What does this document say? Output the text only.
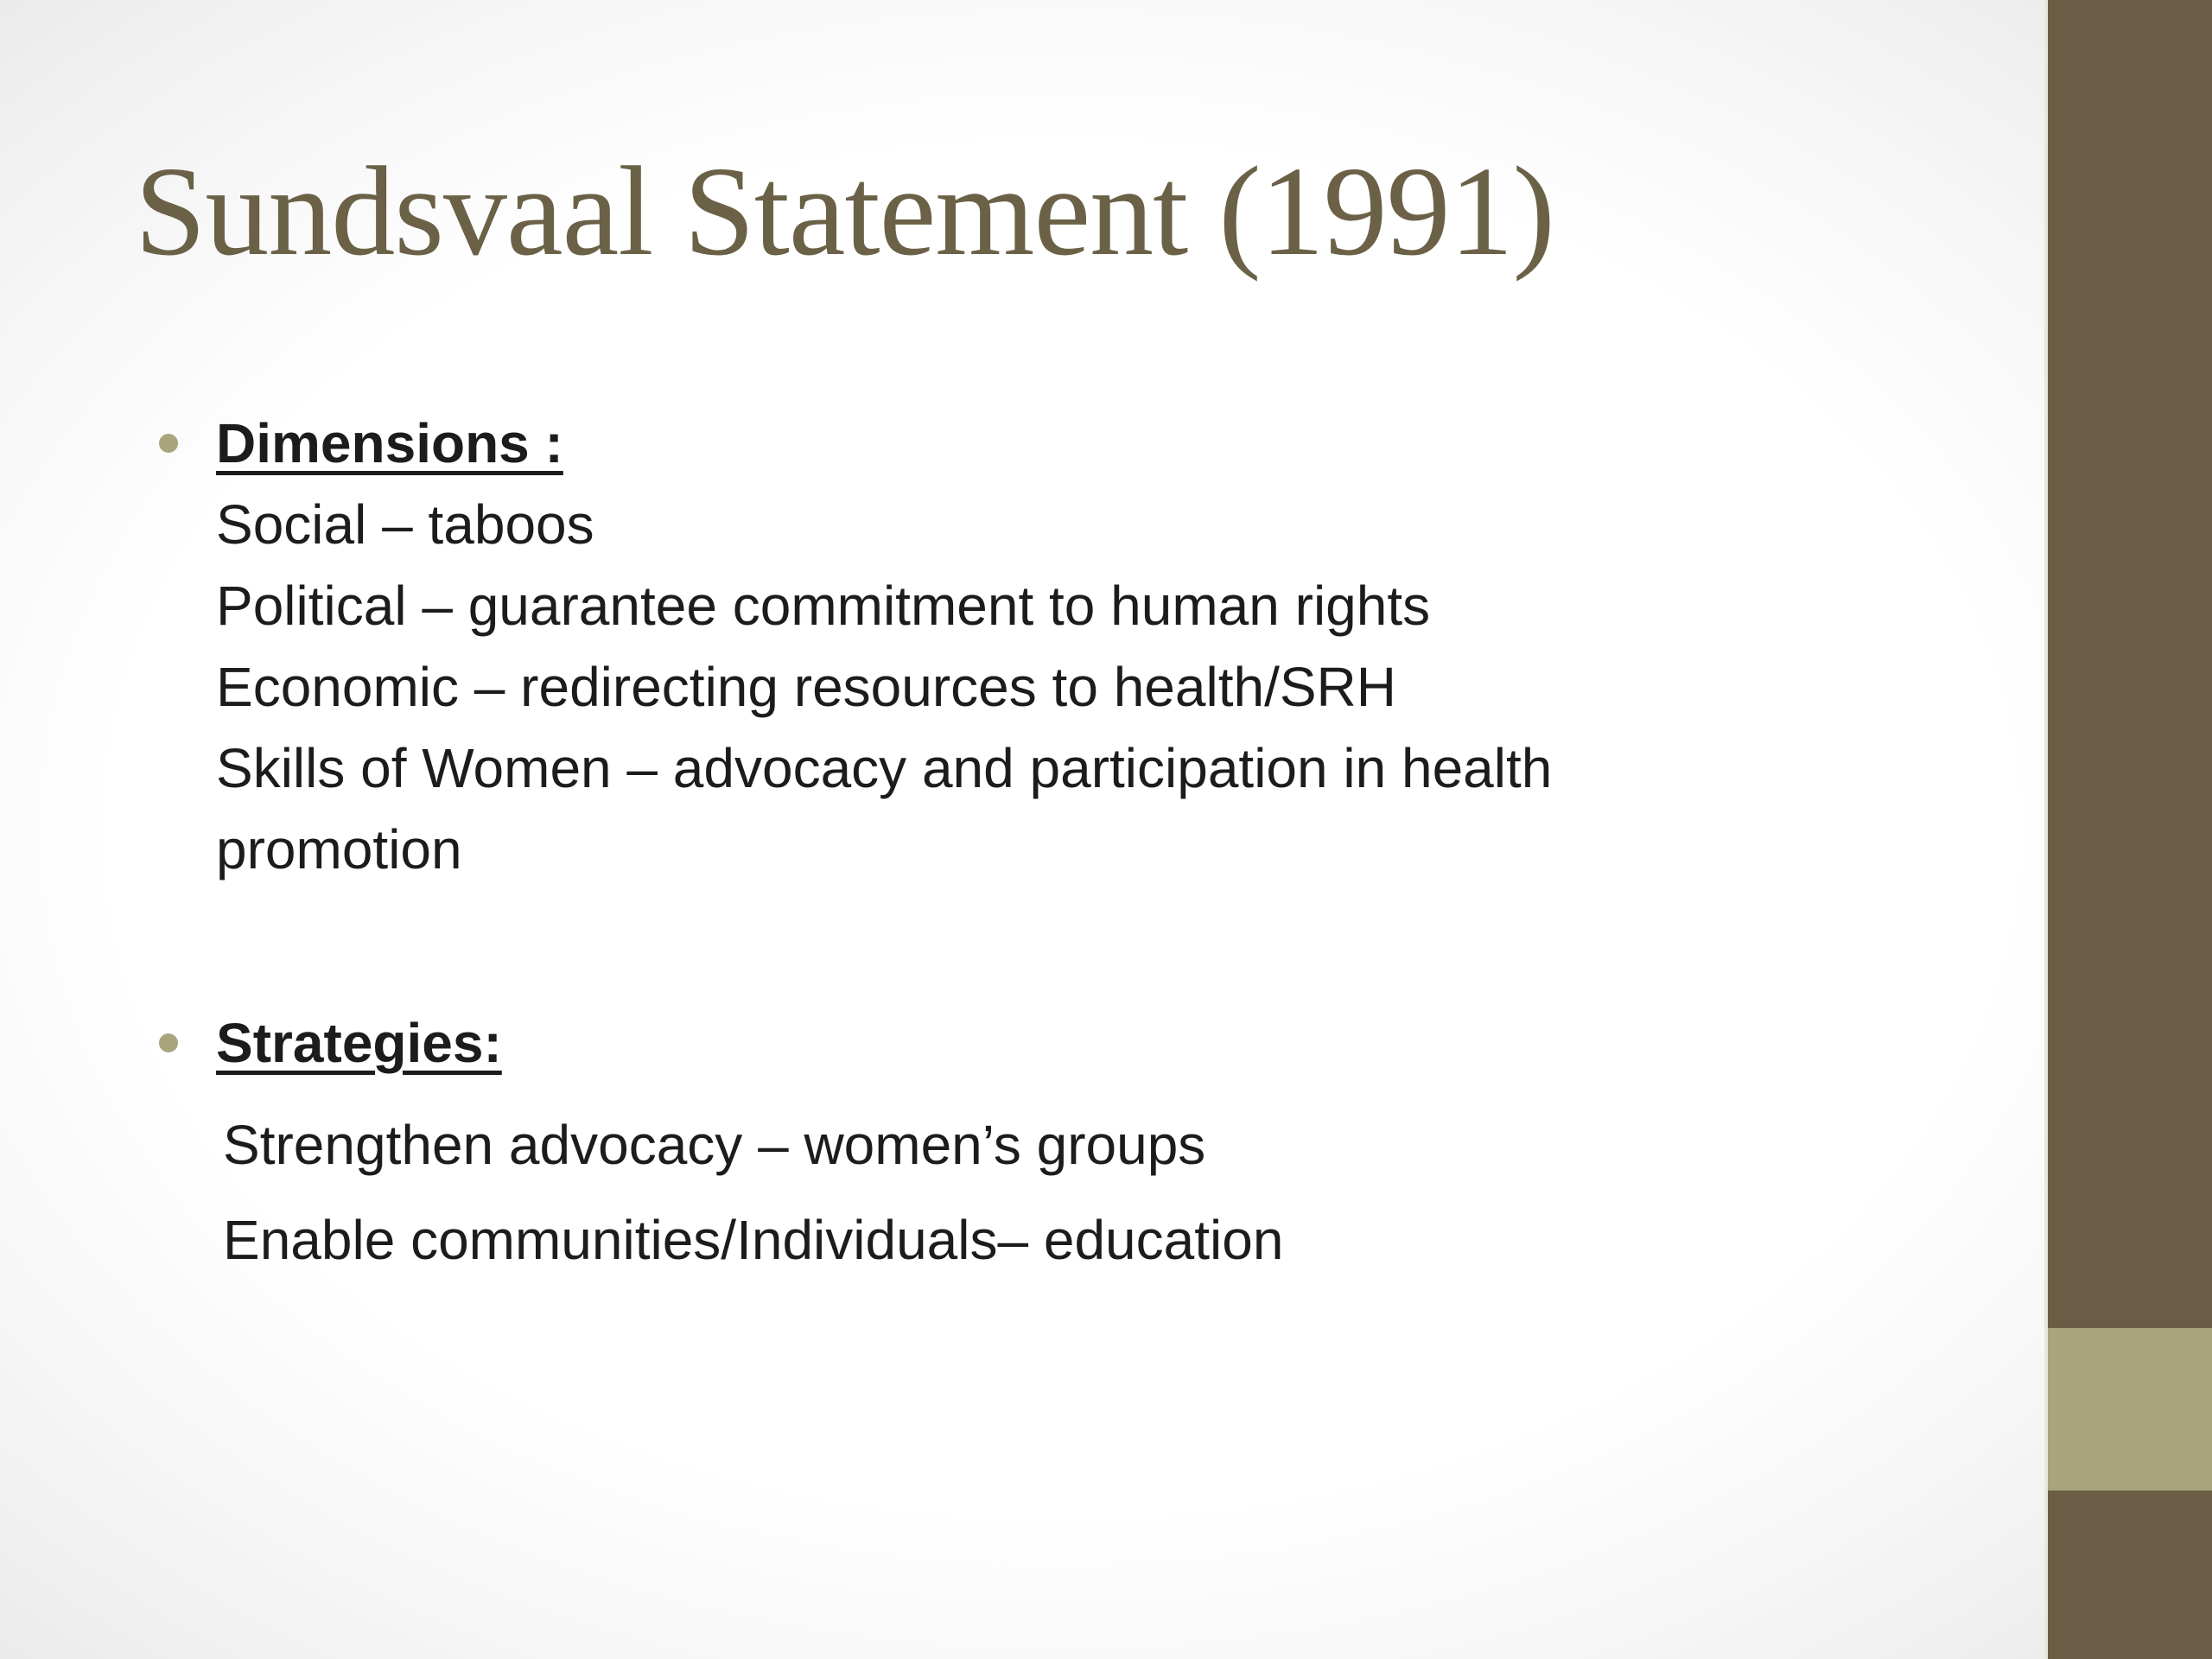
Sundsvaal Statement (1991)
Dimensions :
Social – taboos
Political – guarantee commitment to human rights
Economic – redirecting resources to health/SRH
Skills of Women – advocacy and participation in health
promotion
Strategies:
Strengthen advocacy – women’s groups
Enable communities/Individuals– education
